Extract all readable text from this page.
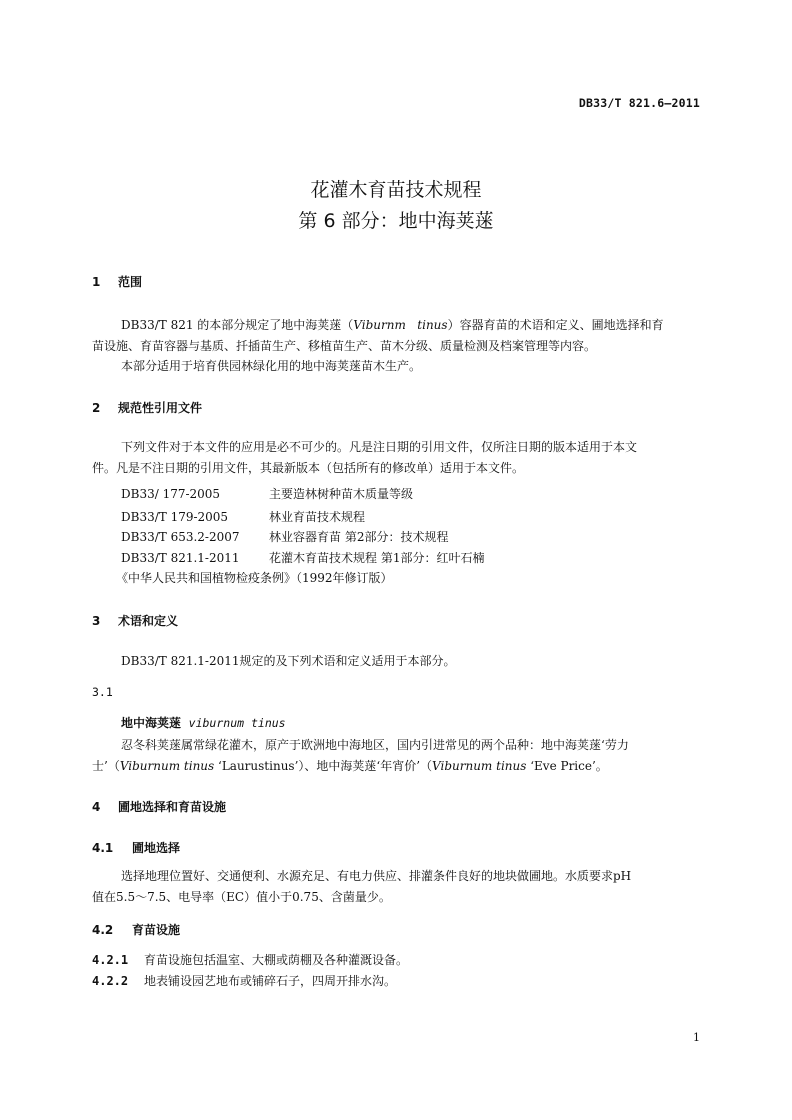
DB33/T 821.6—2011
花灌木育苗技术规程
第 6 部分：地中海荚蒾
1 范围
DB33/T 821 的本部分规定了地中海荚蒾（Viburnm   tinus）容器育苗的术语和定义、圃地选择和育
苗设施、育苗容器与基质、扦插苗生产、移植苗生产、苗木分级、质量检测及档案管理等内容。
本部分适用于培育供园林绿化用的地中海荚蒾苗木生产。
2 规范性引用文件
下列文件对于本文件的应用是必不可少的。凡是注日期的引用文件，仅所注日期的版本适用于本文
件。凡是不注日期的引用文件，其最新版本（包括所有的修改单）适用于本文件。
DB33/ 177-2005	主要造林树种苗木质量等级
DB33/T 179-2005	林业育苗技术规程
DB33/T 653.2-2007 林业容器育苗 第2部分：技术规程
DB33/T 821.1-2011 花灌木育苗技术规程 第1部分：红叶石楠
《中华人民共和国植物检疫条例》（1992年修订版）
3 术语和定义
DB33/T 821.1-2011规定的及下列术语和定义适用于本部分。
3.1
地中海荚蒾 viburnum tinus
忍冬科荚蒾属常绿花灌木，原产于欧洲地中海地区，国内引进常见的两个品种：地中海荚蒾‘劳力
士’（Viburnum tinus ‘Laurustinus’）、地中海荚蒾‘年宵价’（Viburnum tinus ‘Eve Price’。
4 圃地选择和育苗设施
4.1 圃地选择
选择地理位置好、交通便利、水源充足、有电力供应、排灌条件良好的地块做圃地。水质要求pH
值在5.5～7.5、电导率（EC）值小于0.75、含菌量少。
4.2 育苗设施
4.2.1 育苗设施包括温室、大棚或荫棚及各种灌溉设备。
4.2.2 地表铺设园艺地布或铺碎石子，四周开排水沟。
1
